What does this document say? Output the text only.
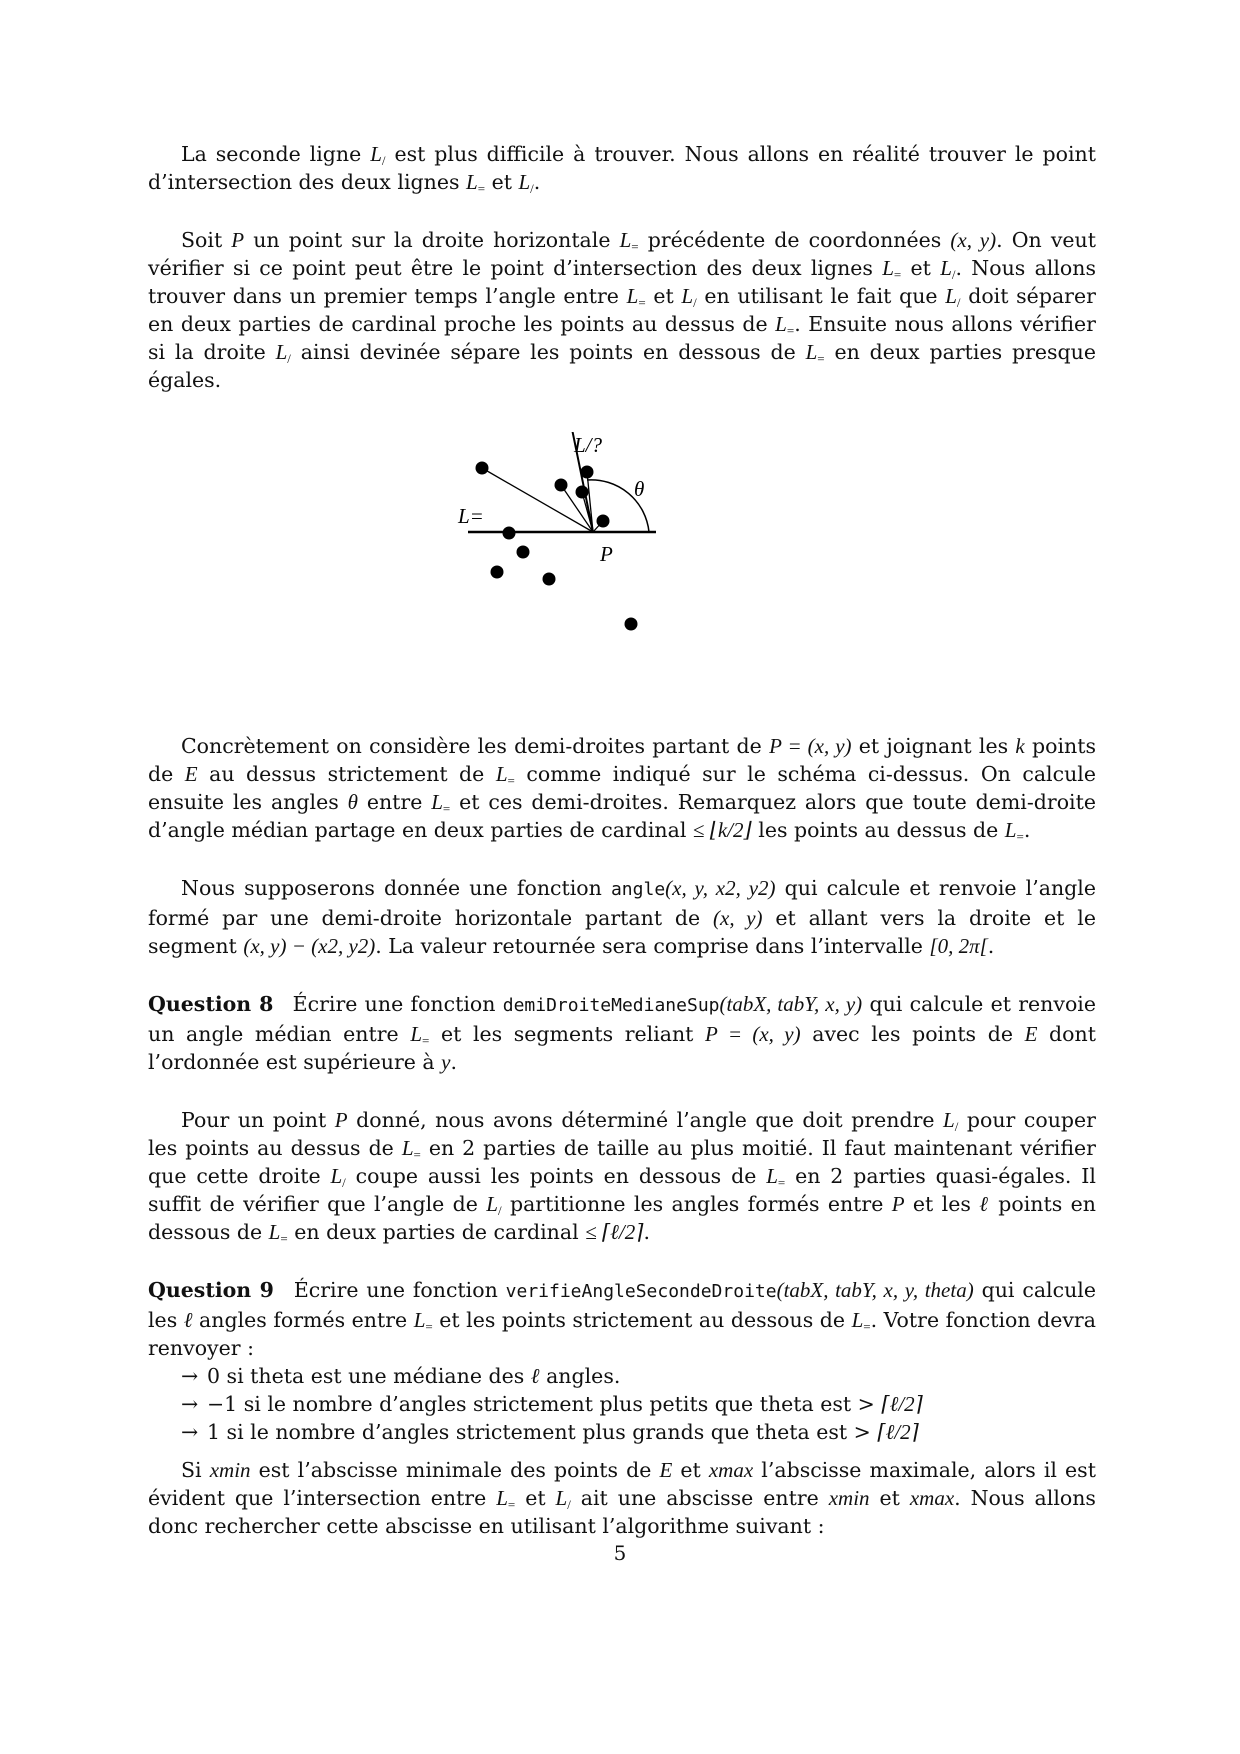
La seconde ligne $L_/$ est plus difficile à trouver. Nous allons en réalité trouver le point d’intersection des deux lignes $L_=$ et $L_/$.

Soit P un point sur la droite horizontale $L_=$ précédente de coordonnées (x, y). On veut vérifier si ce point peut être le point d’intersection des deux lignes $L_=$ et $L_/$. Nous allons trouver dans un premier temps l’angle entre $L_=$ et $L_/$ en utilisant le fait que $L_/$ doit séparer en deux parties de cardinal proche les points au dessus de $L_=$. Ensuite nous allons vérifier si la droite $L_/$ ainsi devinée sépare les points en dessous de $L_=$ en deux parties presque égales.

L/?
L=
θ
P

Concrètement on considère les demi-droites partant de P = (x, y) et joignant les k points de E au dessus strictement de $L_=$ comme indiqué sur le schéma ci-dessus. On calcule ensuite les angles θ entre $L_=$ et ces demi-droites. Remarquez alors que toute demi-droite d’angle médian partage en deux parties de cardinal ≤ ⌊k/2⌋ les points au dessus de $L_=$.

Nous supposerons donnée une fonction angle(x, y, x2, y2) qui calcule et renvoie l’angle formé par une demi-droite horizontale partant de (x, y) et allant vers la droite et le segment (x, y) − (x2, y2). La valeur retournée sera comprise dans l’intervalle [0, 2π[.

Question 8 Écrire une fonction demiDroiteMedianeSup(tabX, tabY, x, y) qui calcule et renvoie un angle médian entre $L_=$ et les segments reliant P = (x, y) avec les points de E dont l’ordonnée est supérieure à y.

Pour un point P donné, nous avons déterminé l’angle que doit prendre $L_/$ pour couper les points au dessus de $L_=$ en 2 parties de taille au plus moitié. Il faut maintenant vérifier que cette droite $L_/$ coupe aussi les points en dessous de $L_=$ en 2 parties quasi-égales. Il suffit de vérifier que l’angle de $L_/$ partitionne les angles formés entre P et les ℓ points en dessous de $L_=$ en deux parties de cardinal ≤ ⌈ℓ/2⌉.

Question 9 Écrire une fonction verifieAngleSecondeDroite(tabX, tabY, x, y, theta) qui calcule les ℓ angles formés entre $L_=$ et les points strictement au dessous de $L_=$. Votre fonction devra renvoyer :

→ 0 si theta est une médiane des ℓ angles.
→ −1 si le nombre d’angles strictement plus petits que theta est > ⌈ℓ/2⌉
→ 1 si le nombre d’angles strictement plus grands que theta est > ⌈ℓ/2⌉

Si xmin est l’abscisse minimale des points de E et xmax l’abscisse maximale, alors il est évident que l’intersection entre $L_=$ et $L_/$ ait une abscisse entre xmin et xmax. Nous allons donc rechercher cette abscisse en utilisant l’algorithme suivant :

5
